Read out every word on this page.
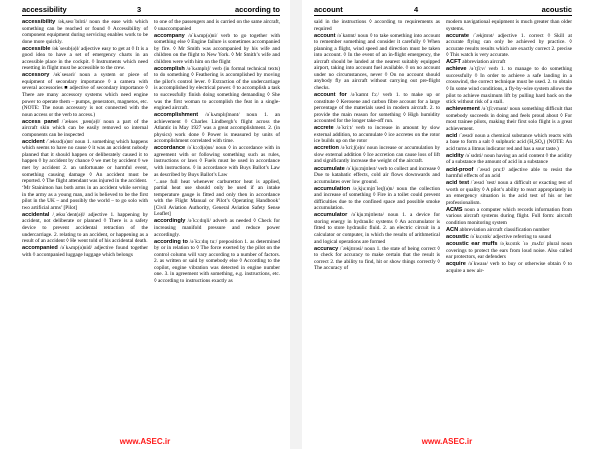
accessibility	3	according to

accessibility /ək,sesɪˈbɪlɪti/ noun the ease with which something can be reached or found ◊ Accessibility of component equipment during servicing enables work to be done more quickly.

accessible /əkˈsesɪb(ə)l/ adjective easy to get at ◊ It is a good idea to have a set of emergency charts in an accessible place in the cockpit. ◊ Instruments which need resetting in flight must be accessible to the crew.

accessory /əkˈsesəri/ noun a system or piece of equipment of secondary importance ◊ a camera with several accessories ■ adjective of secondary importance ◊ There are many accessory systems which need engine power to operate them – pumps, generators, magnetos, etc. (NOTE: The noun accessory is not connected with the noun access or the verb to access.)

access panel /ˈækses ˌpæn(ə)l/ noun a part of the aircraft skin which can be easily removed so internal components can be inspected

accident /ˈæksɪd(ə)nt/ noun 1. something which happens which seems to have no cause ◊ it was an accident nobody planned that it should happen or deliberately caused it to happen ◊ by accident by chance ◊ we met by accident ◊ we met by accident 2. an unfortunate or harmful event, something causing damage ◊ An accident must be reported. ◊ The flight attendant was injured in the accident.

‘Mr Stainimon has both arms in an accident while serving in the army as a young man, and is believed to be the first pilot in the UK – and possibly the world – to go solo with two artificial arms’ [Pilot]

accidental /ˌæksɪˈdent(ə)l/ adjective 1. happening by accident, not deliberate or planned ◊ There is a safety device to prevent accidental retraction of the undercarriage. 2. relating to an accident, or happening as a result of an accident ◊ He went told of his accidental death.

accompanied /əˈkʌmp(ə)nid/ adjective found together with ◊ accompanied luggage luggage which belongs

to one of the passengers and is carried on the same aircraft, ◊ unaccompanied

accompany /əˈkʌmp(ə)ni/ verb to go together with something else ◊ Engine failure is sometimes accompanied by fire. ◊ Mr Smith was accompanied by his wife and children on the flight to New York. ◊ Mr Smith’s wife and children were with him on the flight

accomplish /əˈkʌmplɪʃ/ verb (in formal technical texts) to do something ◊ Feathering is accomplished by moving the pilot’s control lever. ◊ Extraction of the undercarriage is accomplished by electrical power. ◊ to accomplish a task to successfully finish doing something demanding ◊ She was the first woman to accomplish the feat in a single-engined aircraft.

accomplishment /əˈkʌmplɪʃmənt/ noun 1. an achievement ◊ Charles Lindbergh’s flight across the Atlantic in May 1927 was a great accomplishment. 2. (in physics) work done ◊ Power is measured by units of accomplishment correlated with time.

accordance /əˈkɔːd(ə)ns/ noun ◊ in accordance with in agreement with or following something such as rules, instructions or laws ◊ Fuels must be used in accordance with instructions. ◊ in accordance with Buys Ballot’s Law as described by Buys Ballot’s Law

‘...use full heat whenever carburettor heat is applied, partial heat use should only be used if an intake temperature gauge is fitted and only then in accordance with the Flight Manual or Pilot’s Operating Handbook’ [Civil Aviation Authority, General Aviation Safety Sense Leaflet]

accordingly /əˈkɔːdɪŋli/ adverb as needed ◊ Check for increasing manifold pressure and reduce power accordingly.

according to /əˈkɔːdɪŋ tuː/ preposition 1. as determined by or in relation to ◊ The force exerted by the pilot on the control column will vary according to a number of factors. 2. as written or said by somebody else ◊ According to the copilot, engine vibration was detected in engine number one. 3. in agreement with something, e.g. instructions, etc. ◊ according to instructions exactly as

www.ASEC.ir
account	4	acoustic

said in the instructions ◊ according to requirements as required

account /əˈkaʊnt/ noun ◊ to take something into account to remember something and consider it carefully ◊ When planning a flight, wind speed and direction must be taken into account. ◊ In the event of an in-flight emergency, the aircraft should be landed at the nearest suitably equipped airport, taking into account fuel available. ◊ on no account under no circumstances, never ◊ On no account should anybody fly an aircraft without carrying out pre-flight checks.

account for /əˈkaʊnt fɔː/ verb 1. to make up or constitute ◊ Kerosene and carbon fibre account for a large percentage of the materials used in modern aircraft. 2. to provide the main reason for something ◊ High humidity accounted for the longer take-off run.

accrete /əˈkriːt/ verb to increase in amount by slow external addition, to accumulate ◊ ice accretes on the rotor ice builds up on the rotor

accretion /əˈkriːʃ(ə)n/ noun increase or accumulation by slow external addition ◊ Ice accretion can cause loss of lift and significantly increase the weight of the aircraft.

accumulate /əˈkjuːmjʊleɪt/ verb to collect and increase ◊ Due to katabatic effects, cold air flows downwards and accumulates over low ground.

accumulation /əˌkjuːmjʊˈleɪʃ(ə)n/ noun the collection and increase of something ◊ Fire in a toilet could prevent difficulties due to the confined space and possible smoke accumulation.

accumulator /əˈkjuːmjʊleɪtə/ noun 1. a device for storing energy in hydraulic systems ◊ An accumulator is fitted to store hydraulic fluid. 2. an electric circuit in a calculator or computer, in which the results of arithmetical and logical operations are formed

accuracy /ˈækjʊrəsi/ noun 1. the state of being correct ◊ to check for accuracy to make certain that the result is correct 2. the ability to find, hit or show things correctly ◊ The accuracy of

modern navigational equipment is much greater than older systems.

accurate /ˈækjʊrət/ adjective 1. correct ◊ Skill at accurate flying can only be achieved by practice. ◊ accurate results results which are exactly correct 2. precise ◊ This watch is very accurate.

ACFT abbreviation aircraft

achieve /əˈtʃiːv/ verb 1. to manage to do something successfully ◊ In order to achieve a safe landing in a crosswind, the correct technique must be used. 2. to obtain ◊ In some wind conditions, a fly-by-wire system allows the pilot to achieve maximum lift by pulling hard back on the stick without risk of a stall.

achievement /əˈtʃiːvmənt/ noun something difficult that somebody succeeds in doing and feels proud about ◊ For most trainee pilots, making their first solo flight is a great achievement.

acid /ˈæsɪd/ noun a chemical substance which reacts with a base to form a salt ◊ sulphuric acid (H₂SO₄) (NOTE: An acid turns a litmus indicator red and has a sour taste.)

acidity /əˈsɪdɪti/ noun having an acid content ◊ the acidity of a substance the amount of acid in a substance

acid-proof /ˈæsɪd pruːf/ adjective able to resist the harmful effects of an acid

acid test /ˈæsɪd ˈtest/ noun a difficult or exacting test of worth or quality ◊ A pilot’s ability to react appropriately in an emergency situation is the acid test of his or her professionalism.

ACMS noun a computer which records information from various aircraft systems during flight. Full form: aircraft condition monitoring system

ACN abbreviation aircraft classification number

acoustic /əˈkuːstɪk/ adjective referring to sound

acoustic ear muffs /əˌkuːstɪk ˈɪə ˌmʌfz/ plural noun coverings to protect the ears from loud noise. Also called ear protectors, ear defenders

acquire /əˈkwaɪə/ verb to buy or otherwise obtain ◊ to acquire a new air-

www.ASEC.ir
